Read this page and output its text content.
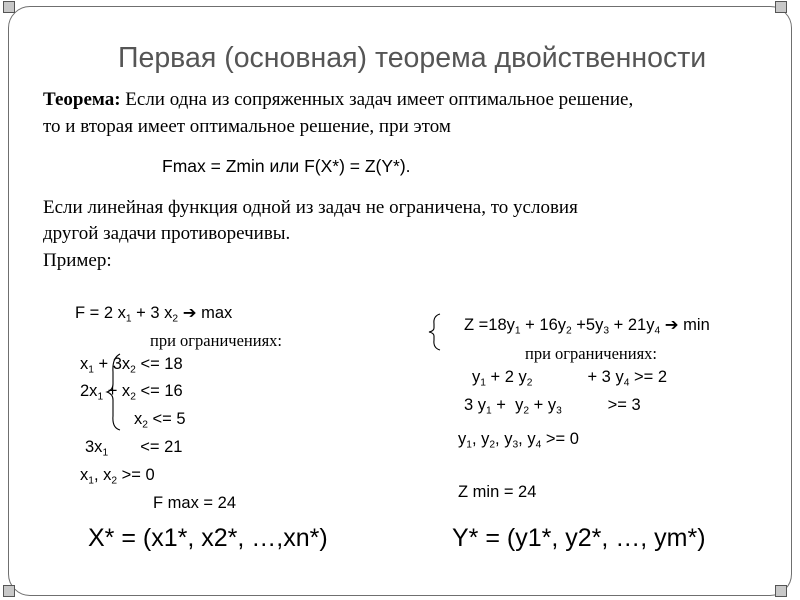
Первая (основная) теорема двойственности
Теорема: Если одна из сопряженных задач имеет оптимальное решение,
то и вторая имеет оптимальное решение, при этом
Fmax = Zmin или F(X*) = Z(Y*).
Если линейная функция одной из задач не ограничена, то условия
другой задачи противоречивы.
Пример:
F = 2 $x_1 + 3$ $x_2$ ➔ max
при ограничениях:
$x_1 + 3x_2 <= 18$
$2x_1 + x_2 <= 16$
$x_2 <= 5$
$3x_1$       <= 21
$x_1$, $x_2 >= 0$
F max = 24
X* = (x1*, x2*, …,xn*)
$Z =18y_1 + 16y_2 +5y_3 + 21y_4$ ➔ min
при ограничениях:
$y_1 + 2$ $y_2$            + 3 $y_4 >= 2$
3 $y_1 + y_2 + y_3$          >= 3
$y_1$, $y_2$, $y_3$, $y_4 >= 0$
Z min = 24
Y* = (y1*, y2*, …, ym*)
